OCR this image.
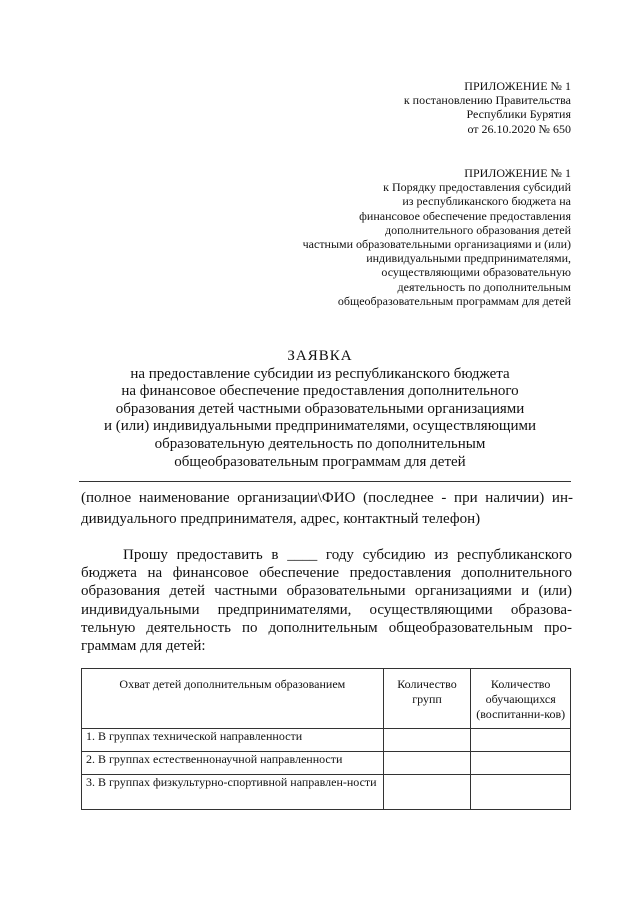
ПРИЛОЖЕНИЕ № 1
к постановлению Правительства
Республики Бурятия
от 26.10.2020 № 650
ПРИЛОЖЕНИЕ № 1
к Порядку предоставления субсидий
из республиканского бюджета на
финансовое обеспечение предоставления
дополнительного образования детей
частными образовательными организациями и (или)
индивидуальными предпринимателями,
осуществляющими образовательную
деятельность по дополнительным
общеобразовательным программам для детей
ЗАЯВКА
на предоставление субсидии из республиканского бюджета
на финансовое обеспечение предоставления дополнительного
образования детей частными образовательными организациями
и (или) индивидуальными предпринимателями, осуществляющими
образовательную деятельность по дополнительным
общеобразовательным программам для детей
(полное наименование организации\ФИО (последнее - при наличии) ин-
дивидуального предпринимателя, адрес, контактный телефон)
Прошу предоставить в ____ году субсидию из республиканского
бюджета на финансовое обеспечение предоставления дополнительного
образования детей частными образовательными организациями и (или)
индивидуальными предпринимателями, осуществляющими образова-
тельную деятельность по дополнительным общеобразовательным про-
граммам для детей:
Охват детей дополнительным образованием	Количество групп	Количество обучающихся (воспитанни-ков)
1. В группах технической направленности		
2. В группах естественнонаучной направленности		
3. В группах физкультурно-спортивной направлен-ности		
